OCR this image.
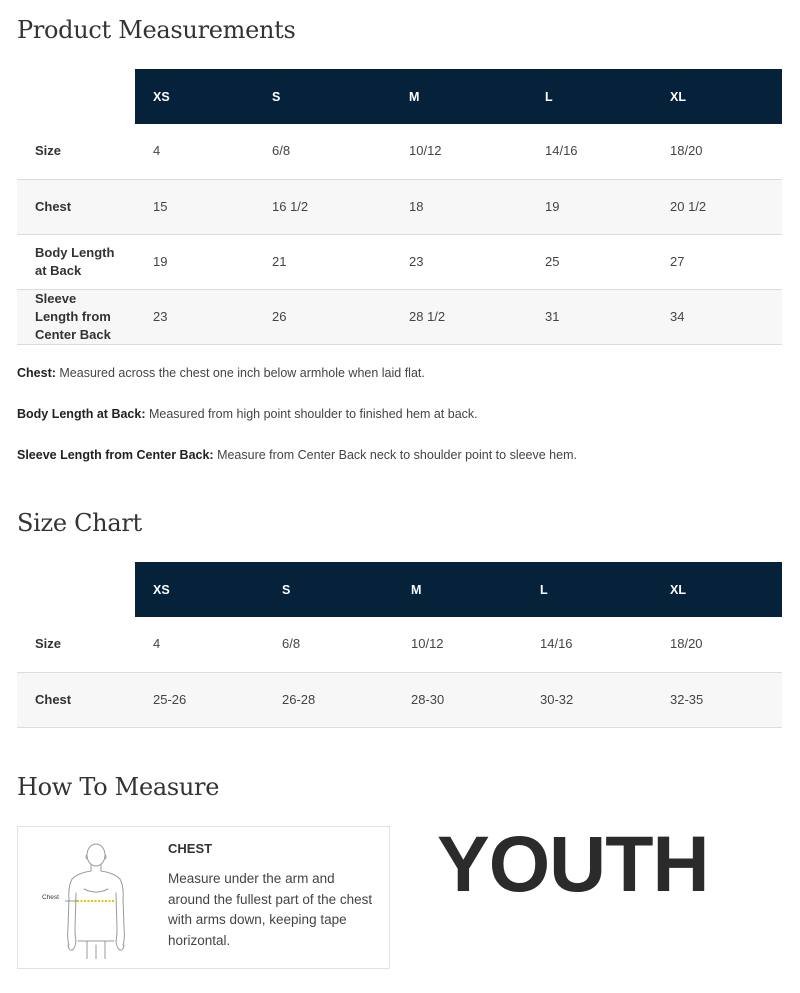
Product Measurements
	XS	S	M	L	XL
Size	4	6/8	10/12	14/16	18/20
Chest	15	16 1/2	18	19	20 1/2
Body Length at Back	19	21	23	25	27
Sleeve Length from Center Back	23	26	28 1/2	31	34

Chest: Measured across the chest one inch below armhole when laid flat.

Body Length at Back: Measured from high point shoulder to finished hem at back.

Sleeve Length from Center Back: Measure from Center Back neck to shoulder point to sleeve hem.

Size Chart
	XS	S	M	L	XL
Size	4	6/8	10/12	14/16	18/20
Chest	25-26	26-28	28-30	30-32	32-35
How To Measure
Chest
CHEST
Measure under the arm and around the fullest part of the chest with arms down, keeping tape horizontal.
YOUTH
